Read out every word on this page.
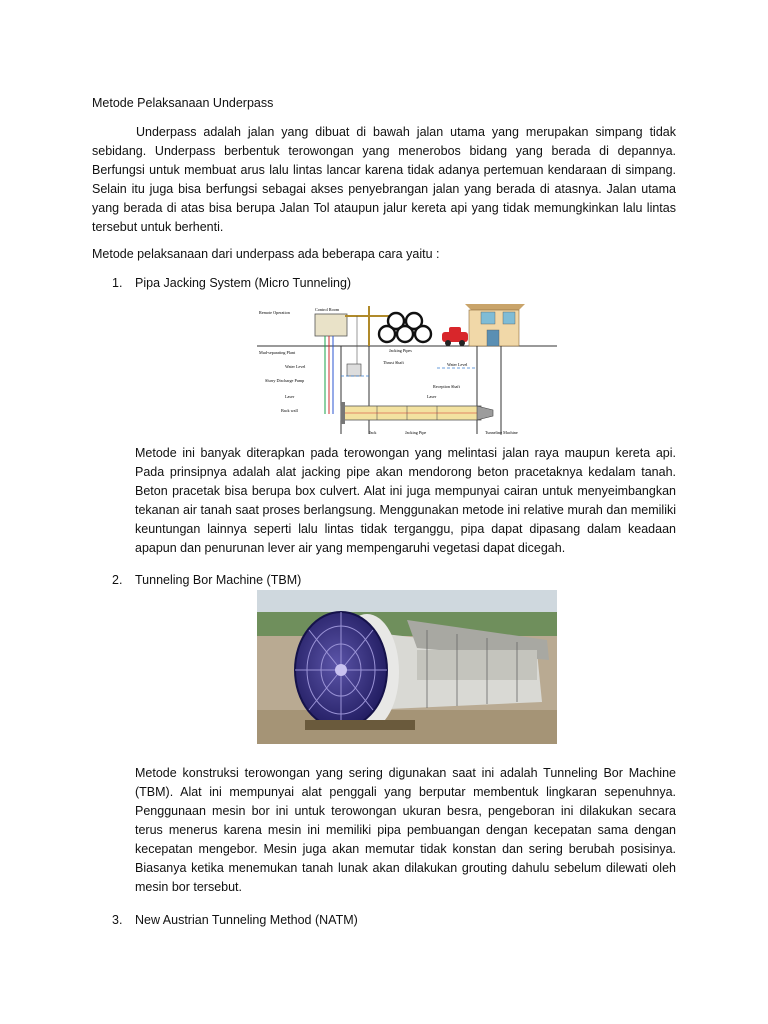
Metode Pelaksanaan Underpass

Underpass adalah jalan yang dibuat di bawah jalan utama yang merupakan simpang tidak sebidang. Underpass berbentuk terowongan yang menerobos bidang yang berada di depannya. Berfungsi untuk membuat arus lalu lintas lancar karena tidak adanya pertemuan kendaraan di simpang. Selain itu juga bisa berfungsi sebagai akses penyebrangan jalan yang berada di atasnya. Jalan utama yang berada di atas bisa berupa Jalan Tol ataupun jalur kereta api yang tidak memungkinkan lalu lintas tersebut untuk berhenti.

Metode pelaksanaan dari underpass ada beberapa cara yaitu :
1. Pipa Jacking System (Micro Tunneling)
Remote Operation
Control Room
Jacking Pipes
Mud-separating Plant
Thrust Shaft
Water Level	Water Level
Slurry Discharge Pump
Laser	Laser
Back wall
Reception Shaft
Jack	Jacking Pipe	Tunneling Machine

Metode ini banyak diterapkan pada terowongan yang melintasi jalan raya maupun kereta api. Pada prinsipnya adalah alat jacking pipe akan mendorong beton pracetaknya kedalam tanah. Beton pracetak bisa berupa box culvert. Alat ini juga mempunyai cairan untuk menyeimbangkan tekanan air tanah saat proses berlangsung. Menggunakan metode ini relative murah dan memiliki keuntungan lainnya seperti lalu lintas tidak terganggu, pipa dapat dipasang dalam keadaan apapun dan penurunan lever air yang mempengaruhi vegetasi dapat dicegah.

2. Tunneling Bor Machine (TBM)

Metode konstruksi terowongan yang sering digunakan saat ini adalah Tunneling Bor Machine (TBM). Alat ini mempunyai alat penggali yang berputar membentuk lingkaran sepenuhnya. Penggunaan mesin bor ini untuk terowongan ukuran besra, pengeboran ini dilakukan secara terus menerus karena mesin ini memiliki pipa pembuangan dengan kecepatan sama dengan kecepatan mengebor. Mesin juga akan memutar tidak konstan dan sering berubah posisinya. Biasanya ketika menemukan tanah lunak akan dilakukan grouting dahulu sebelum dilewati oleh mesin bor tersebut.

3. New Austrian Tunneling Method (NATM)
